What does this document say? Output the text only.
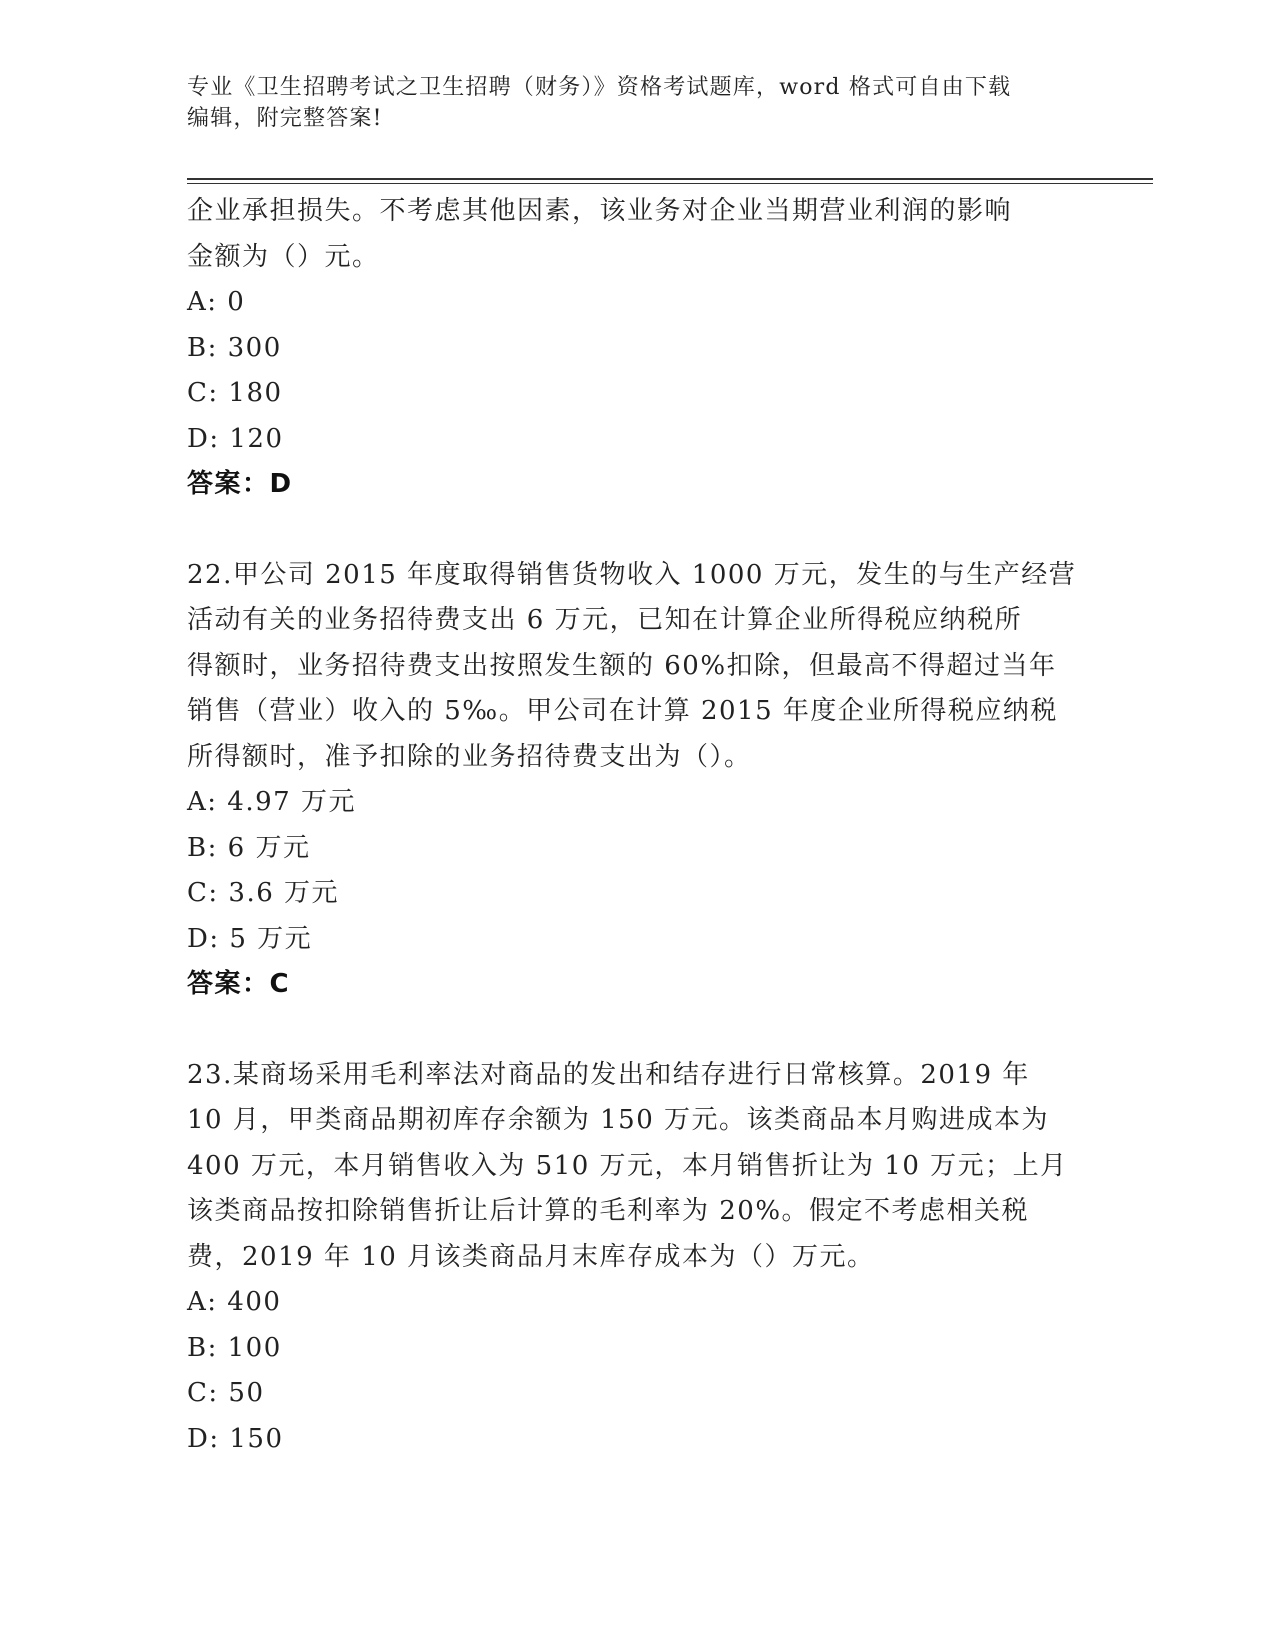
专业《卫生招聘考试之卫生招聘（财务）》资格考试题库，word 格式可自由下载
编辑，附完整答案!
企业承担损失。不考虑其他因素，该业务对企业当期营业利润的影响
金额为（）元。
A: 0
B: 300
C: 180
D: 120
答案：D
22.甲公司 2015 年度取得销售货物收入 1000 万元，发生的与生产经营
活动有关的业务招待费支出 6 万元，已知在计算企业所得税应纳税所
得额时，业务招待费支出按照发生额的 60%扣除，但最高不得超过当年
销售（营业）收入的 5‰。甲公司在计算 2015 年度企业所得税应纳税
所得额时，准予扣除的业务招待费支出为（）。
A: 4.97 万元
B: 6 万元
C: 3.6 万元
D: 5 万元
答案：C
23.某商场采用毛利率法对商品的发出和结存进行日常核算。2019 年
10 月，甲类商品期初库存余额为 150 万元。该类商品本月购进成本为
400 万元，本月销售收入为 510 万元，本月销售折让为 10 万元；上月
该类商品按扣除销售折让后计算的毛利率为 20%。假定不考虑相关税
费，2019 年 10 月该类商品月末库存成本为（）万元。
A: 400
B: 100
C: 50
D: 150
